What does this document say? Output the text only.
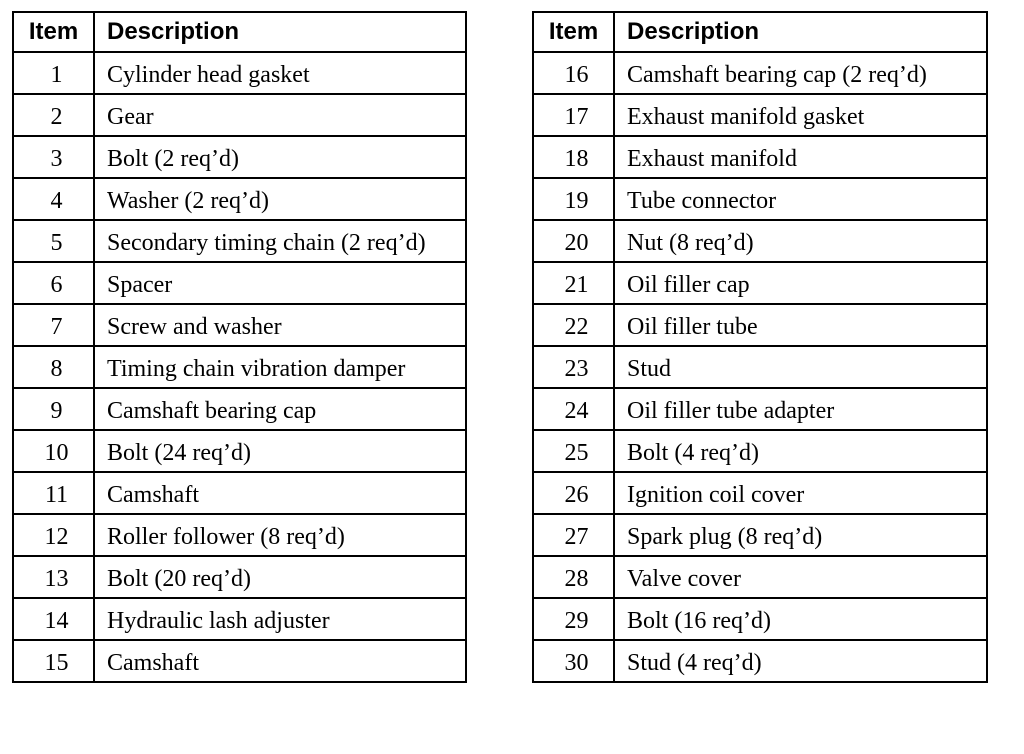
Item	Description
1	Cylinder head gasket
2	Gear
3	Bolt (2 req’d)
4	Washer (2 req’d)
5	Secondary timing chain (2 req’d)
6	Spacer
7	Screw and washer
8	Timing chain vibration damper
9	Camshaft bearing cap
10	Bolt (24 req’d)
11	Camshaft
12	Roller follower (8 req’d)
13	Bolt (20 req’d)
14	Hydraulic lash adjuster
15	Camshaft
Item	Description
16	Camshaft bearing cap (2 req’d)
17	Exhaust manifold gasket
18	Exhaust manifold
19	Tube connector
20	Nut (8 req’d)
21	Oil filler cap
22	Oil filler tube
23	Stud
24	Oil filler tube adapter
25	Bolt (4 req’d)
26	Ignition coil cover
27	Spark plug (8 req’d)
28	Valve cover
29	Bolt (16 req’d)
30	Stud (4 req’d)
